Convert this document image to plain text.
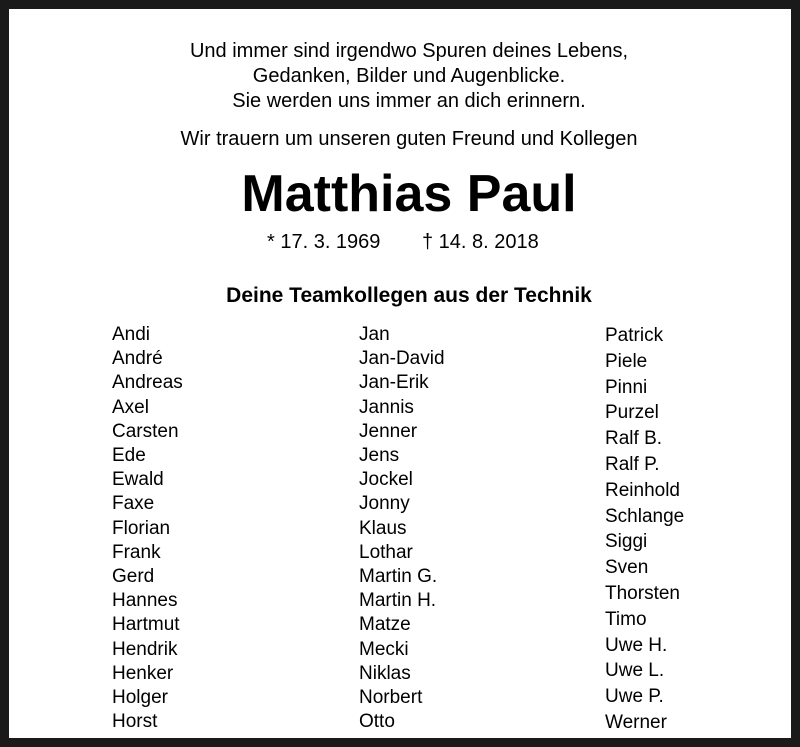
Und immer sind irgendwo Spuren deines Lebens,
Gedanken, Bilder und Augenblicke.
Sie werden uns immer an dich erinnern.
Wir trauern um unseren guten Freund und Kollegen
Matthias Paul
* 17. 3. 1969 † 14. 8. 2018
Deine Teamkollegen aus der Technik
Andi
André
Andreas
Axel
Carsten
Ede
Ewald
Faxe
Florian
Frank
Gerd
Hannes
Hartmut
Hendrik
Henker
Holger
Horst
Jan
Jan-David
Jan-Erik
Jannis
Jenner
Jens
Jockel
Jonny
Klaus
Lothar
Martin G.
Martin H.
Matze
Mecki
Niklas
Norbert
Otto
Patrick
Piele
Pinni
Purzel
Ralf B.
Ralf P.
Reinhold
Schlange
Siggi
Sven
Thorsten
Timo
Uwe H.
Uwe L.
Uwe P.
Werner
